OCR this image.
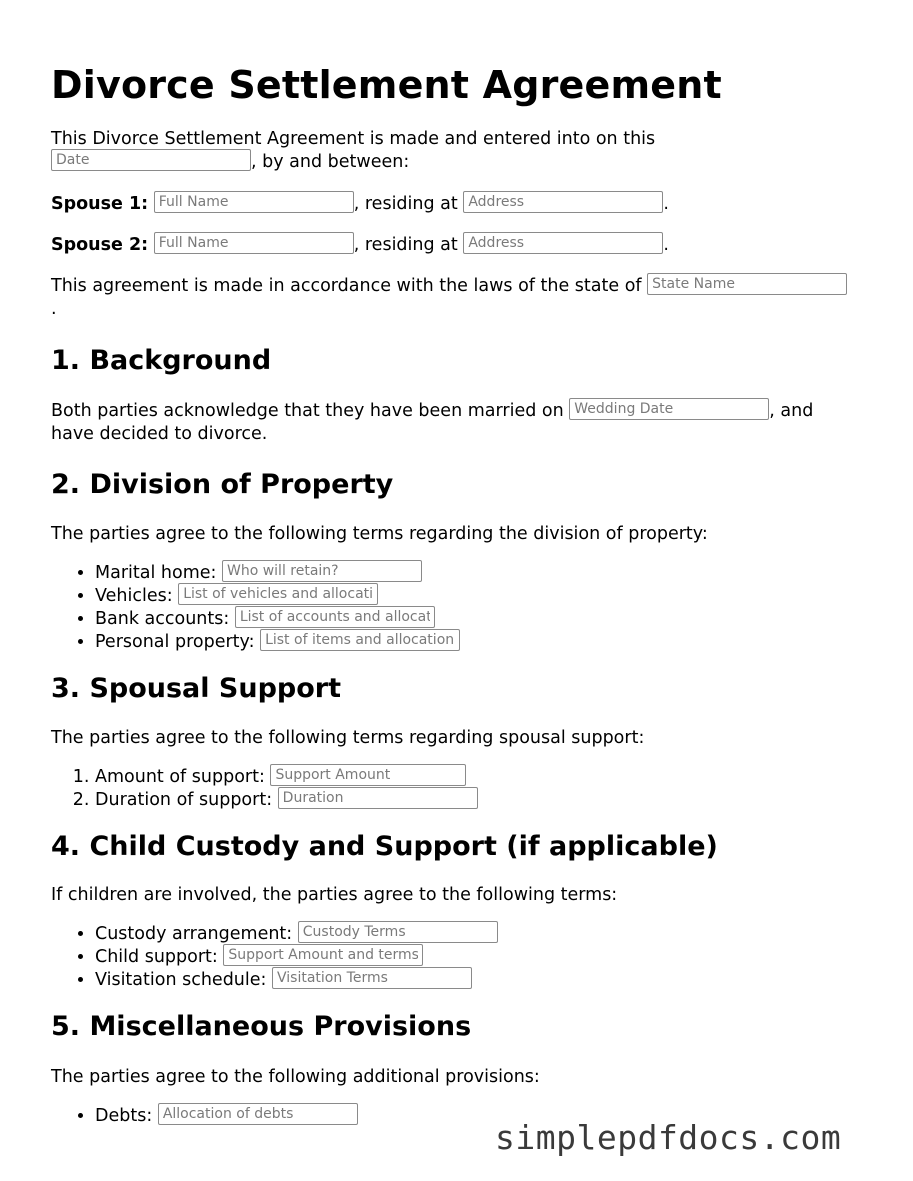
Divorce Settlement Agreement

This Divorce Settlement Agreement is made and entered into on this Date, by and between:

Spouse 1: Full Name	, residing at Address	.

Spouse 2: Full Name	, residing at Address	.

This agreement is made in accordance with the laws of the state of State Name
.

1. Background

Both parties acknowledge that they have been married on Wedding Date	, and have decided to divorce.

2. Division of Property

The parties agree to the following terms regarding the division of property:

• Marital home: Who will retain?
• Vehicles: List of vehicles and allocation
• Bank accounts: List of accounts and allocation
• Personal property: List of items and allocation
3. Spousal Support

The parties agree to the following terms regarding spousal support:

1. Amount of support: Support Amount
2. Duration of support: Duration
4. Child Custody and Support (if applicable)

If children are involved, the parties agree to the following terms:

• Custody arrangement: Custody Terms
• Child support: Support Amount and terms
• Visitation schedule: Visitation Terms
5. Miscellaneous Provisions

The parties agree to the following additional provisions:

• Debts: Allocation of debts
simplepdfdocs.com
